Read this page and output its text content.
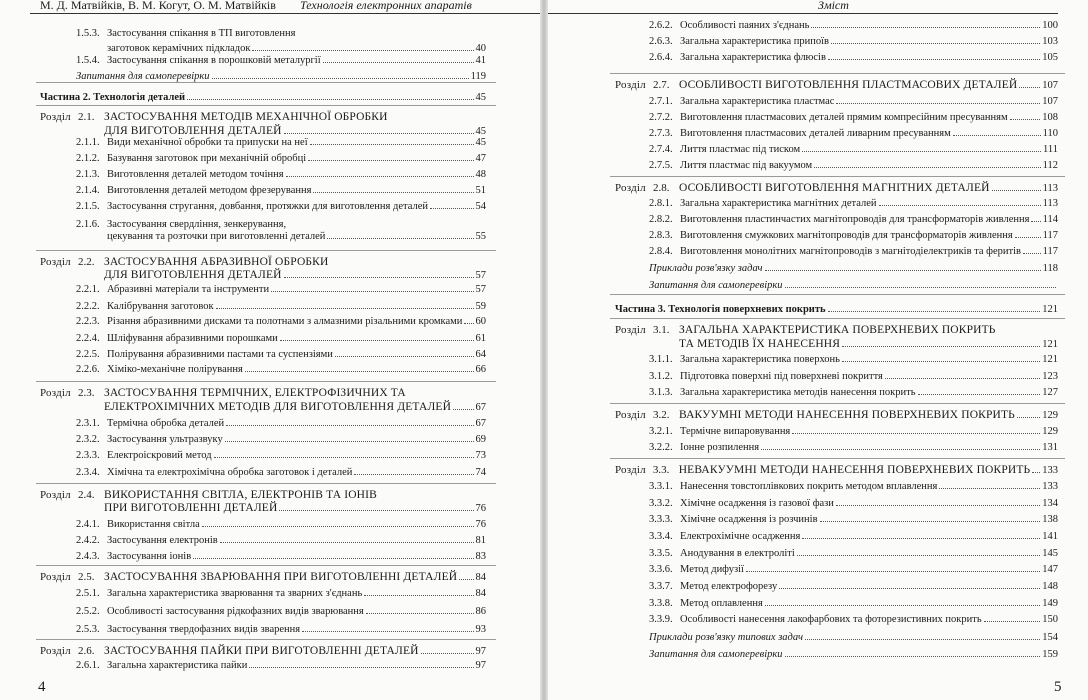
М. Д. Матвійків, В. М. Когут, О. М. Матвійків Технологія електронних апаратів
1.5.3. Застосування спікання в ТП виготовлення
заготовок керамічних підкладок	40
1.5.4. Застосування спікання в порошковій металургії	41
Запитання для самоперевірки	119
Частина 2. Технологія деталей	45
Розділ 2.1. ЗАСТОСУВАННЯ МЕТОДІВ МЕХАНІЧНОЇ ОБРОБКИ
ДЛЯ ВИГОТОВЛЕННЯ ДЕТАЛЕЙ	45
2.1.1. Види механічної обробки та припуски на неї	45
2.1.2. Базування заготовок при механічній обробці	47
2.1.3. Виготовлення деталей методом точіння	48
2.1.4. Виготовлення деталей методом фрезерування	51
2.1.5. Застосування стругання, довбання, протяжки для виготовлення деталей	54
2.1.6. Застосування свердління, зенкерування,
цекування та розточки при виготовленні деталей	55
Розділ 2.2. ЗАСТОСУВАННЯ АБРАЗИВНОЇ ОБРОБКИ
ДЛЯ ВИГОТОВЛЕННЯ ДЕТАЛЕЙ	57
2.2.1. Абразивні матеріали та інструменти	57
2.2.2. Калібрування заготовок	59
2.2.3. Різання абразивними дисками та полотнами з алмазними різальними кромками 60
2.2.4. Шліфування абразивними порошками	61
2.2.5. Полірування абразивними пастами та суспензіями	64
2.2.6. Хіміко-механічне полірування	66
Розділ 2.3. ЗАСТОСУВАННЯ ТЕРМІЧНИХ, ЕЛЕКТРОФІЗИЧНИХ ТА
ЕЛЕКТРОХІМІЧНИХ МЕТОДІВ ДЛЯ ВИГОТОВЛЕННЯ ДЕТАЛЕЙ 67
2.3.1. Термічна обробка деталей	67
2.3.2. Застосування ультразвуку	69
2.3.3. Електроіскровий метод	73
2.3.4. Хімічна та електрохімічна обробка заготовок і деталей	74
Розділ 2.4. ВИКОРИСТАННЯ СВІТЛА, ЕЛЕКТРОНІВ ТА ІОНІВ
ПРИ ВИГОТОВЛЕННІ ДЕТАЛЕЙ	76
2.4.1. Використання світла	76
2.4.2. Застосування електронів	81
2.4.3. Застосування іонів	83
Розділ 2.5. ЗАСТОСУВАННЯ ЗВАРЮВАННЯ ПРИ ВИГОТОВЛЕННІ ДЕТАЛЕЙ 84
2.5.1. Загальна характеристика зварювання та зварних з'єднань	84
2.5.2. Особливості застосування рідкофазних видів зварювання	86
2.5.3. Застосування твердофазних видів зварення	93
Розділ 2.6. ЗАСТОСУВАННЯ ПАЙКИ ПРИ ВИГОТОВЛЕННІ ДЕТАЛЕЙ	97
2.6.1. Загальна характеристика пайки	97
4
Зміст
2.6.2. Особливості паяних з'єднань	100
2.6.3. Загальна характеристика припоїв	103
2.6.4. Загальна характеристика флюсів	105
Розділ 2.7. ОСОБЛИВОСТІ ВИГОТОВЛЕННЯ ПЛАСТМАСОВИХ ДЕТАЛЕЙ 107
2.7.1. Загальна характеристика пластмас	107
2.7.2. Виготовлення пластмасових деталей прямим компресійним пресуванням	108
2.7.3. Виготовлення пластмасових деталей ливарним пресуванням	110
2.7.4. Лиття пластмас під тиском	111
2.7.5. Лиття пластмас під вакуумом	112
Розділ 2.8. ОСОБЛИВОСТІ ВИГОТОВЛЕННЯ МАГНІТНИХ ДЕТАЛЕЙ	113
2.8.1. Загальна характеристика магнітних деталей	113
2.8.2. Виготовлення пластинчастих магнітопроводів для трансформаторів живлення 114
2.8.3. Виготовлення смужкових магнітопроводів для трансформаторів живлення	117
2.8.4. Виготовлення монолітних магнітопроводів з магнітодіелектриків та феритів 117
Приклади розв'язку задач	118
Запитання для самоперевірки
Частина 3. Технологія поверхневих покрить	121
Розділ 3.1. ЗАГАЛЬНА ХАРАКТЕРИСТИКА ПОВЕРХНЕВИХ ПОКРИТЬ
ТА МЕТОДІВ ЇХ НАНЕСЕННЯ	121
3.1.1. Загальна характеристика поверхонь	121
3.1.2. Підготовка поверхні під поверхневі покриття	123
3.1.3. Загальна характеристика методів нанесення покрить	127
Розділ 3.2. ВАКУУМНІ МЕТОДИ НАНЕСЕННЯ ПОВЕРХНЕВИХ ПОКРИТЬ	129
3.2.1. Термічне випаровування	129
3.2.2. Іонне розпилення	131
Розділ 3.3. НЕВАКУУМНІ МЕТОДИ НАНЕСЕННЯ ПОВЕРХНЕВИХ ПОКРИТЬ 133
3.3.1. Нанесення товстоплівкових покрить методом вплавлення	133
3.3.2. Хімічне осадження із газової фази	134
3.3.3. Хімічне осадження із розчинів	138
3.3.4. Електрохімічне осадження	141
3.3.5. Анодування в електроліті	145
3.3.6. Метод дифузії	147
3.3.7. Метод електрофорезу	148
3.3.8. Метод оплавлення	149
3.3.9. Особливості нанесення лакофарбових та фоторезистивних покрить	150
Приклади розв'язку типових задач	154
Запитання для самоперевірки	159
5
